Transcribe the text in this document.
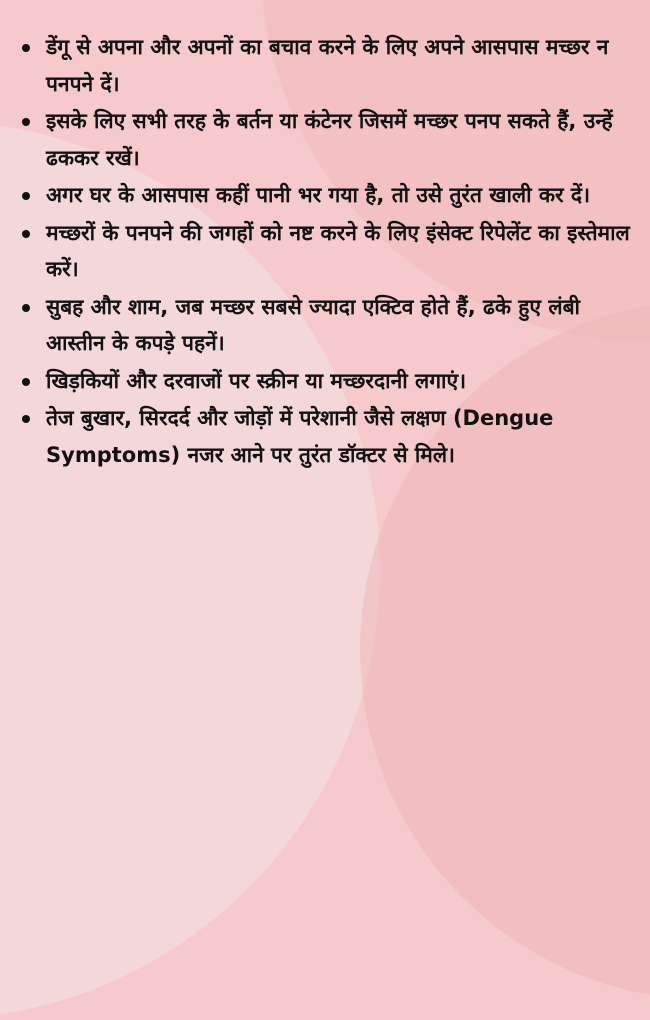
डेंगू से अपना और अपनों का बचाव करने के लिए अपने आसपास मच्छर न पनपने दें।
इसके लिए सभी तरह के बर्तन या कंटेनर जिसमें मच्छर पनप सकते हैं, उन्हें ढककर रखें।
अगर घर के आसपास कहीं पानी भर गया है, तो उसे तुरंत खाली कर दें।
मच्छरों के पनपने की जगहों को नष्ट करने के लिए इंसेक्ट रिपेलेंट का इस्तेमाल करें।
सुबह और शाम, जब मच्छर सबसे ज्यादा एक्टिव होते हैं, ढके हुए लंबी आस्तीन के कपड़े पहनें।
खिड़कियों और दरवाजों पर स्क्रीन या मच्छरदानी लगाएं।
तेज बुखार, सिरदर्द और जोड़ों में परेशानी जैसे लक्षण (Dengue Symptoms) नजर आने पर तुरंत डॉक्टर से मिले।
